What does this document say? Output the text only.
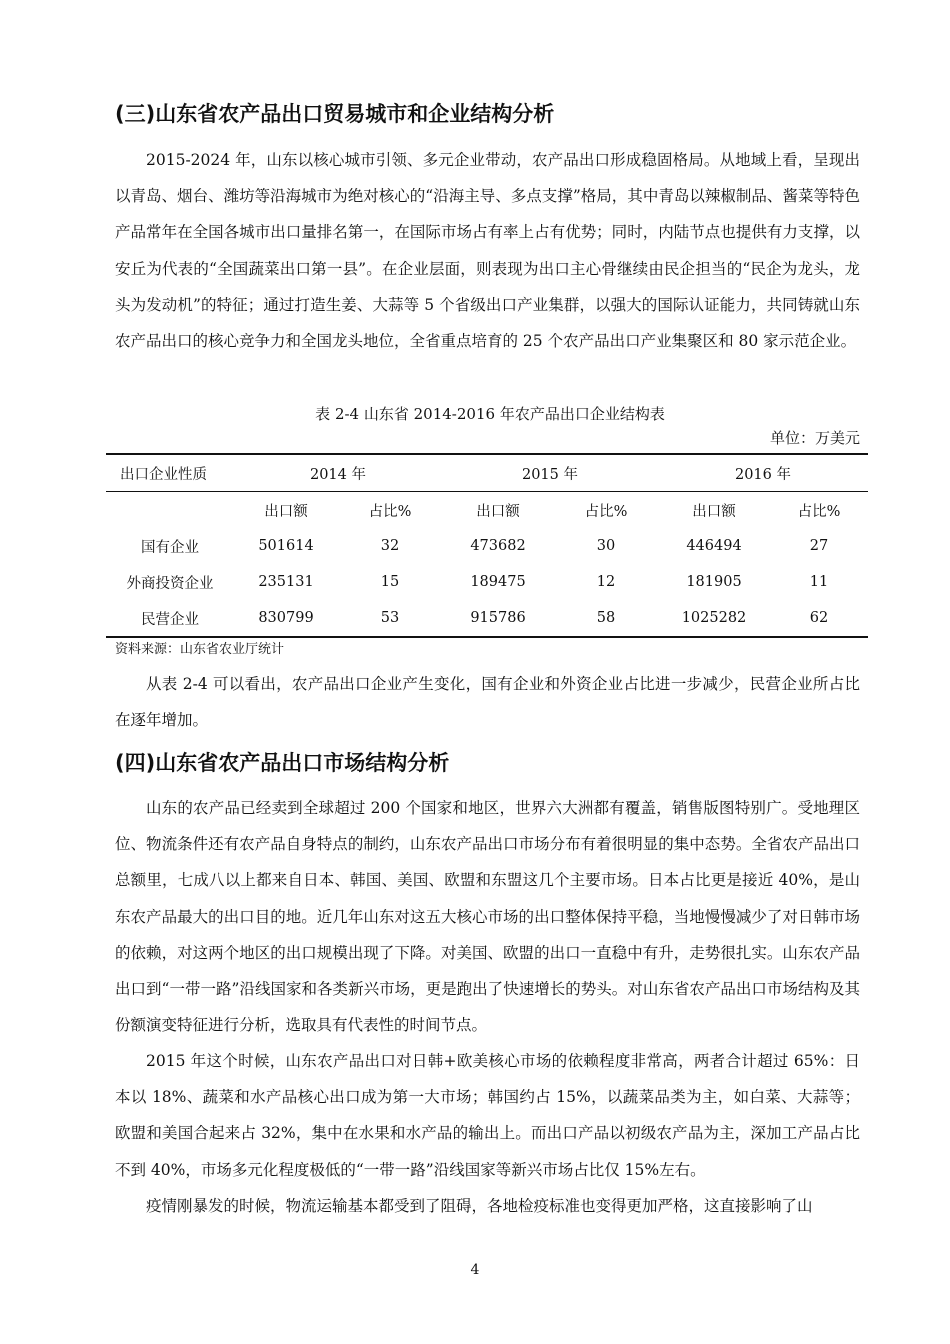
(三)山东省农产品出口贸易城市和企业结构分析

2015-2024 年，山东以核心城市引领、多元企业带动，农产品出口形成稳固格局。从地域上看，呈现出以青岛、烟台、潍坊等沿海城市为绝对核心的“沿海主导、多点支撑”格局，其中青岛以辣椒制品、酱菜等特色产品常年在全国各城市出口量排名第一，在国际市场占有率上占有优势；同时，内陆节点也提供有力支撑，以安丘为代表的“全国蔬菜出口第一县”。在企业层面，则表现为出口主心骨继续由民企担当的“民企为龙头，龙头为发动机”的特征；通过打造生姜、大蒜等 5 个省级出口产业集群，以强大的国际认证能力，共同铸就山东农产品出口的核心竞争力和全国龙头地位，全省重点培育的 25 个农产品出口产业集聚区和 80 家示范企业。

表 2-4 山东省 2014-2016 年农产品出口企业结构表
单位：万美元
出口企业性质	2014 年		2015 年		2016 年	
	出口额	占比%	出口额	占比%	出口额	占比%
国有企业	501614	32	473682	30	446494	27
外商投资企业	235131	15	189475	12	181905	11
民营企业	830799	53	915786	58	1025282	62
资料来源：山东省农业厅统计

从表 2-4 可以看出，农产品出口企业产生变化，国有企业和外资企业占比进一步减少，民营企业所占比在逐年增加。

(四)山东省农产品出口市场结构分析

山东的农产品已经卖到全球超过 200 个国家和地区，世界六大洲都有覆盖，销售版图特别广。受地理区位、物流条件还有农产品自身特点的制约，山东农产品出口市场分布有着很明显的集中态势。全省农产品出口总额里，七成八以上都来自日本、韩国、美国、欧盟和东盟这几个主要市场。日本占比更是接近 40%，是山东农产品最大的出口目的地。近几年山东对这五大核心市场的出口整体保持平稳，当地慢慢减少了对日韩市场的依赖，对这两个地区的出口规模出现了下降。对美国、欧盟的出口一直稳中有升，走势很扎实。山东农产品出口到“一带一路”沿线国家和各类新兴市场，更是跑出了快速增长的势头。对山东省农产品出口市场结构及其份额演变特征进行分析，选取具有代表性的时间节点。

2015 年这个时候，山东农产品出口对日韩+欧美核心市场的依赖程度非常高，两者合计超过 65%：日本以 18%、蔬菜和水产品核心出口成为第一大市场；韩国约占 15%，以蔬菜品类为主，如白菜、大蒜等；欧盟和美国合起来占 32%，集中在水果和水产品的输出上。而出口产品以初级农产品为主，深加工产品占比不到 40%，市场多元化程度极低的“一带一路”沿线国家等新兴市场占比仅 15%左右。

疫情刚暴发的时候，物流运输基本都受到了阻碍，各地检疫标准也变得更加严格，这直接影响了山

4
